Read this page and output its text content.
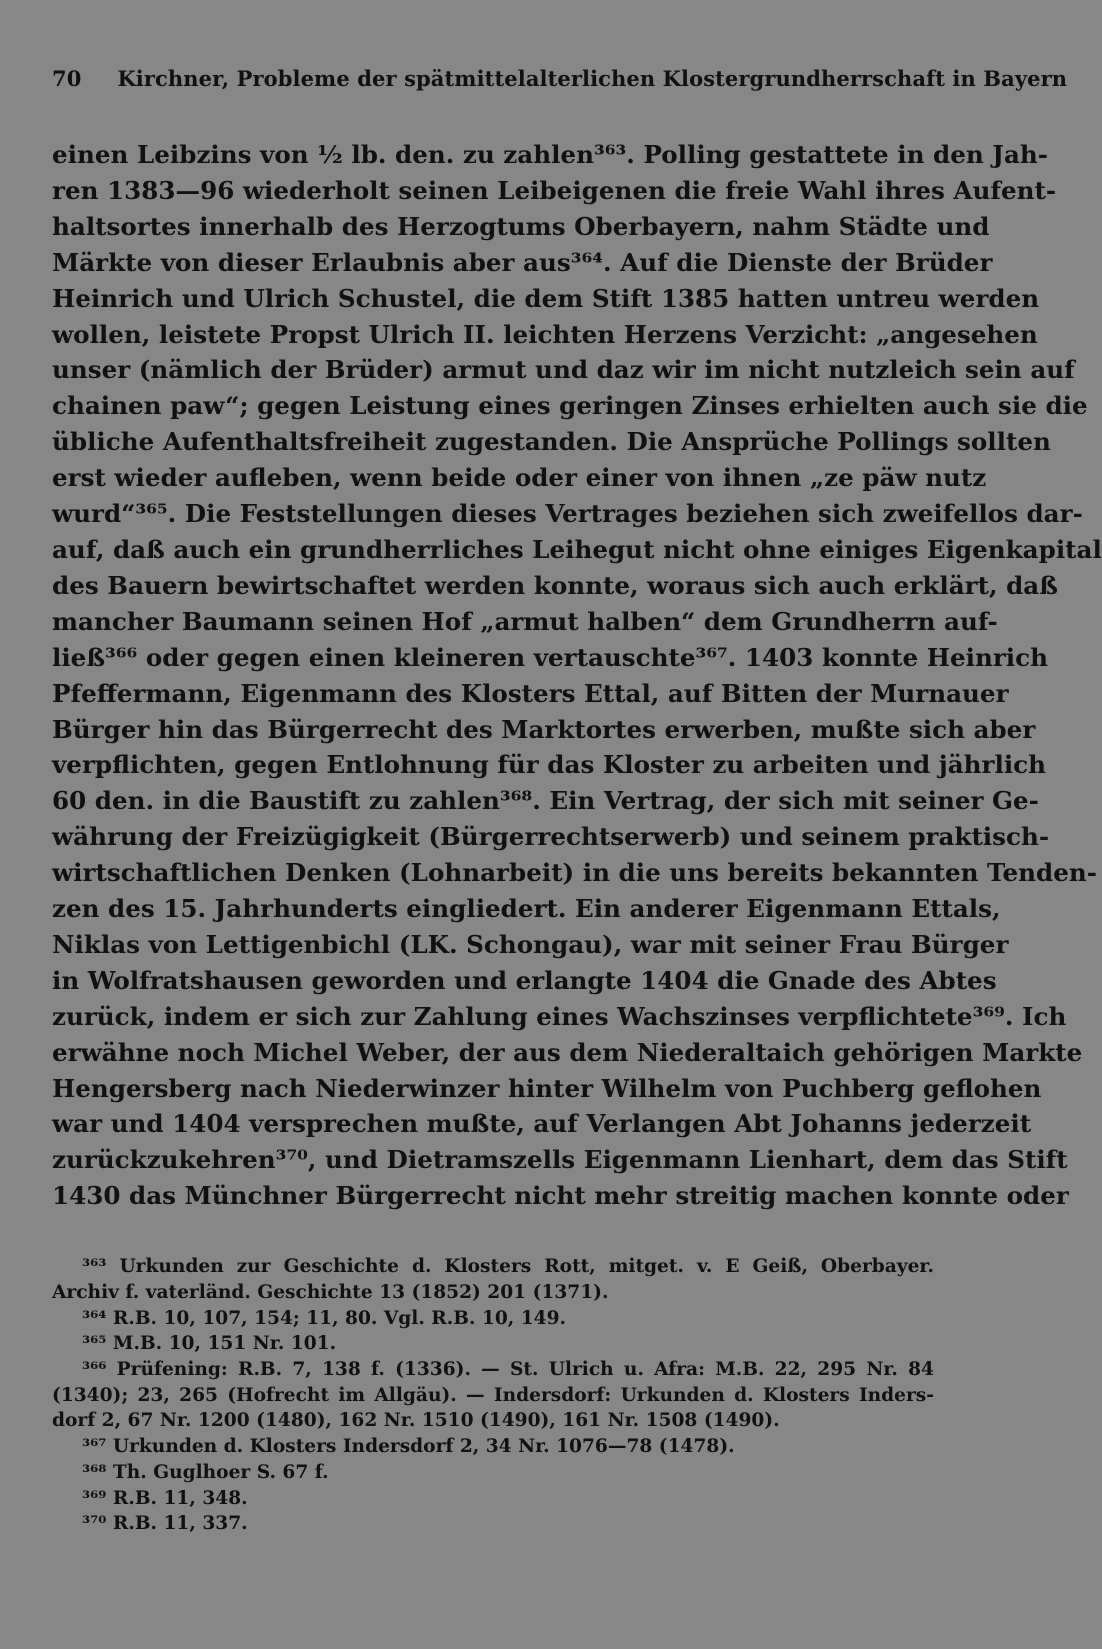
70 Kirchner, Probleme der spätmittelalterlichen Klostergrundherrschaft in Bayern
einen Leibzins von ½ lb. den. zu zahlen³⁶³. Polling gestattete in den Jah-
ren 1383—96 wiederholt seinen Leibeigenen die freie Wahl ihres Aufent-
haltsortes innerhalb des Herzogtums Oberbayern, nahm Städte und
Märkte von dieser Erlaubnis aber aus³⁶⁴. Auf die Dienste der Brüder
Heinrich und Ulrich Schustel, die dem Stift 1385 hatten untreu werden
wollen, leistete Propst Ulrich II. leichten Herzens Verzicht: „angesehen
unser (nämlich der Brüder) armut und daz wir im nicht nutzleich sein auf
chainen paw“; gegen Leistung eines geringen Zinses erhielten auch sie die
übliche Aufenthaltsfreiheit zugestanden. Die Ansprüche Pollings sollten
erst wieder aufleben, wenn beide oder einer von ihnen „ze päw nutz
wurd“³⁶⁵. Die Feststellungen dieses Vertrages beziehen sich zweifellos dar-
auf, daß auch ein grundherrliches Leihegut nicht ohne einiges Eigenkapital
des Bauern bewirtschaftet werden konnte, woraus sich auch erklärt, daß
mancher Baumann seinen Hof „armut halben“ dem Grundherrn auf-
ließ³⁶⁶ oder gegen einen kleineren vertauschte³⁶⁷. 1403 konnte Heinrich
Pfeffermann, Eigenmann des Klosters Ettal, auf Bitten der Murnauer
Bürger hin das Bürgerrecht des Marktortes erwerben, mußte sich aber
verpflichten, gegen Entlohnung für das Kloster zu arbeiten und jährlich
60 den. in die Baustift zu zahlen³⁶⁸. Ein Vertrag, der sich mit seiner Ge-
währung der Freizügigkeit (Bürgerrechtserwerb) und seinem praktisch-
wirtschaftlichen Denken (Lohnarbeit) in die uns bereits bekannten Tenden-
zen des 15. Jahrhunderts eingliedert. Ein anderer Eigenmann Ettals,
Niklas von Lettigenbichl (LK. Schongau), war mit seiner Frau Bürger
in Wolfratshausen geworden und erlangte 1404 die Gnade des Abtes
zurück, indem er sich zur Zahlung eines Wachszinses verpflichtete³⁶⁹. Ich
erwähne noch Michel Weber, der aus dem Niederaltaich gehörigen Markte
Hengersberg nach Niederwinzer hinter Wilhelm von Puchberg geflohen
war und 1404 versprechen mußte, auf Verlangen Abt Johanns jederzeit
zurückzukehren³⁷⁰, und Dietramszells Eigenmann Lienhart, dem das Stift
1430 das Münchner Bürgerrecht nicht mehr streitig machen konnte oder
³⁶³ Urkunden zur Geschichte d. Klosters Rott, mitget. v. E Geiß, Oberbayer.
Archiv f. vaterländ. Geschichte 13 (1852) 201 (1371).
³⁶⁴ R.B. 10, 107, 154; 11, 80. Vgl. R.B. 10, 149.
³⁶⁵ M.B. 10, 151 Nr. 101.
³⁶⁶ Prüfening: R.B. 7, 138 f. (1336). — St. Ulrich u. Afra: M.B. 22, 295 Nr. 84
(1340); 23, 265 (Hofrecht im Allgäu). — Indersdorf: Urkunden d. Klosters Inders-
dorf 2, 67 Nr. 1200 (1480), 162 Nr. 1510 (1490), 161 Nr. 1508 (1490).
³⁶⁷ Urkunden d. Klosters Indersdorf 2, 34 Nr. 1076—78 (1478).
³⁶⁸ Th. Guglhoer S. 67 f.
³⁶⁹ R.B. 11, 348.
³⁷⁰ R.B. 11, 337.
